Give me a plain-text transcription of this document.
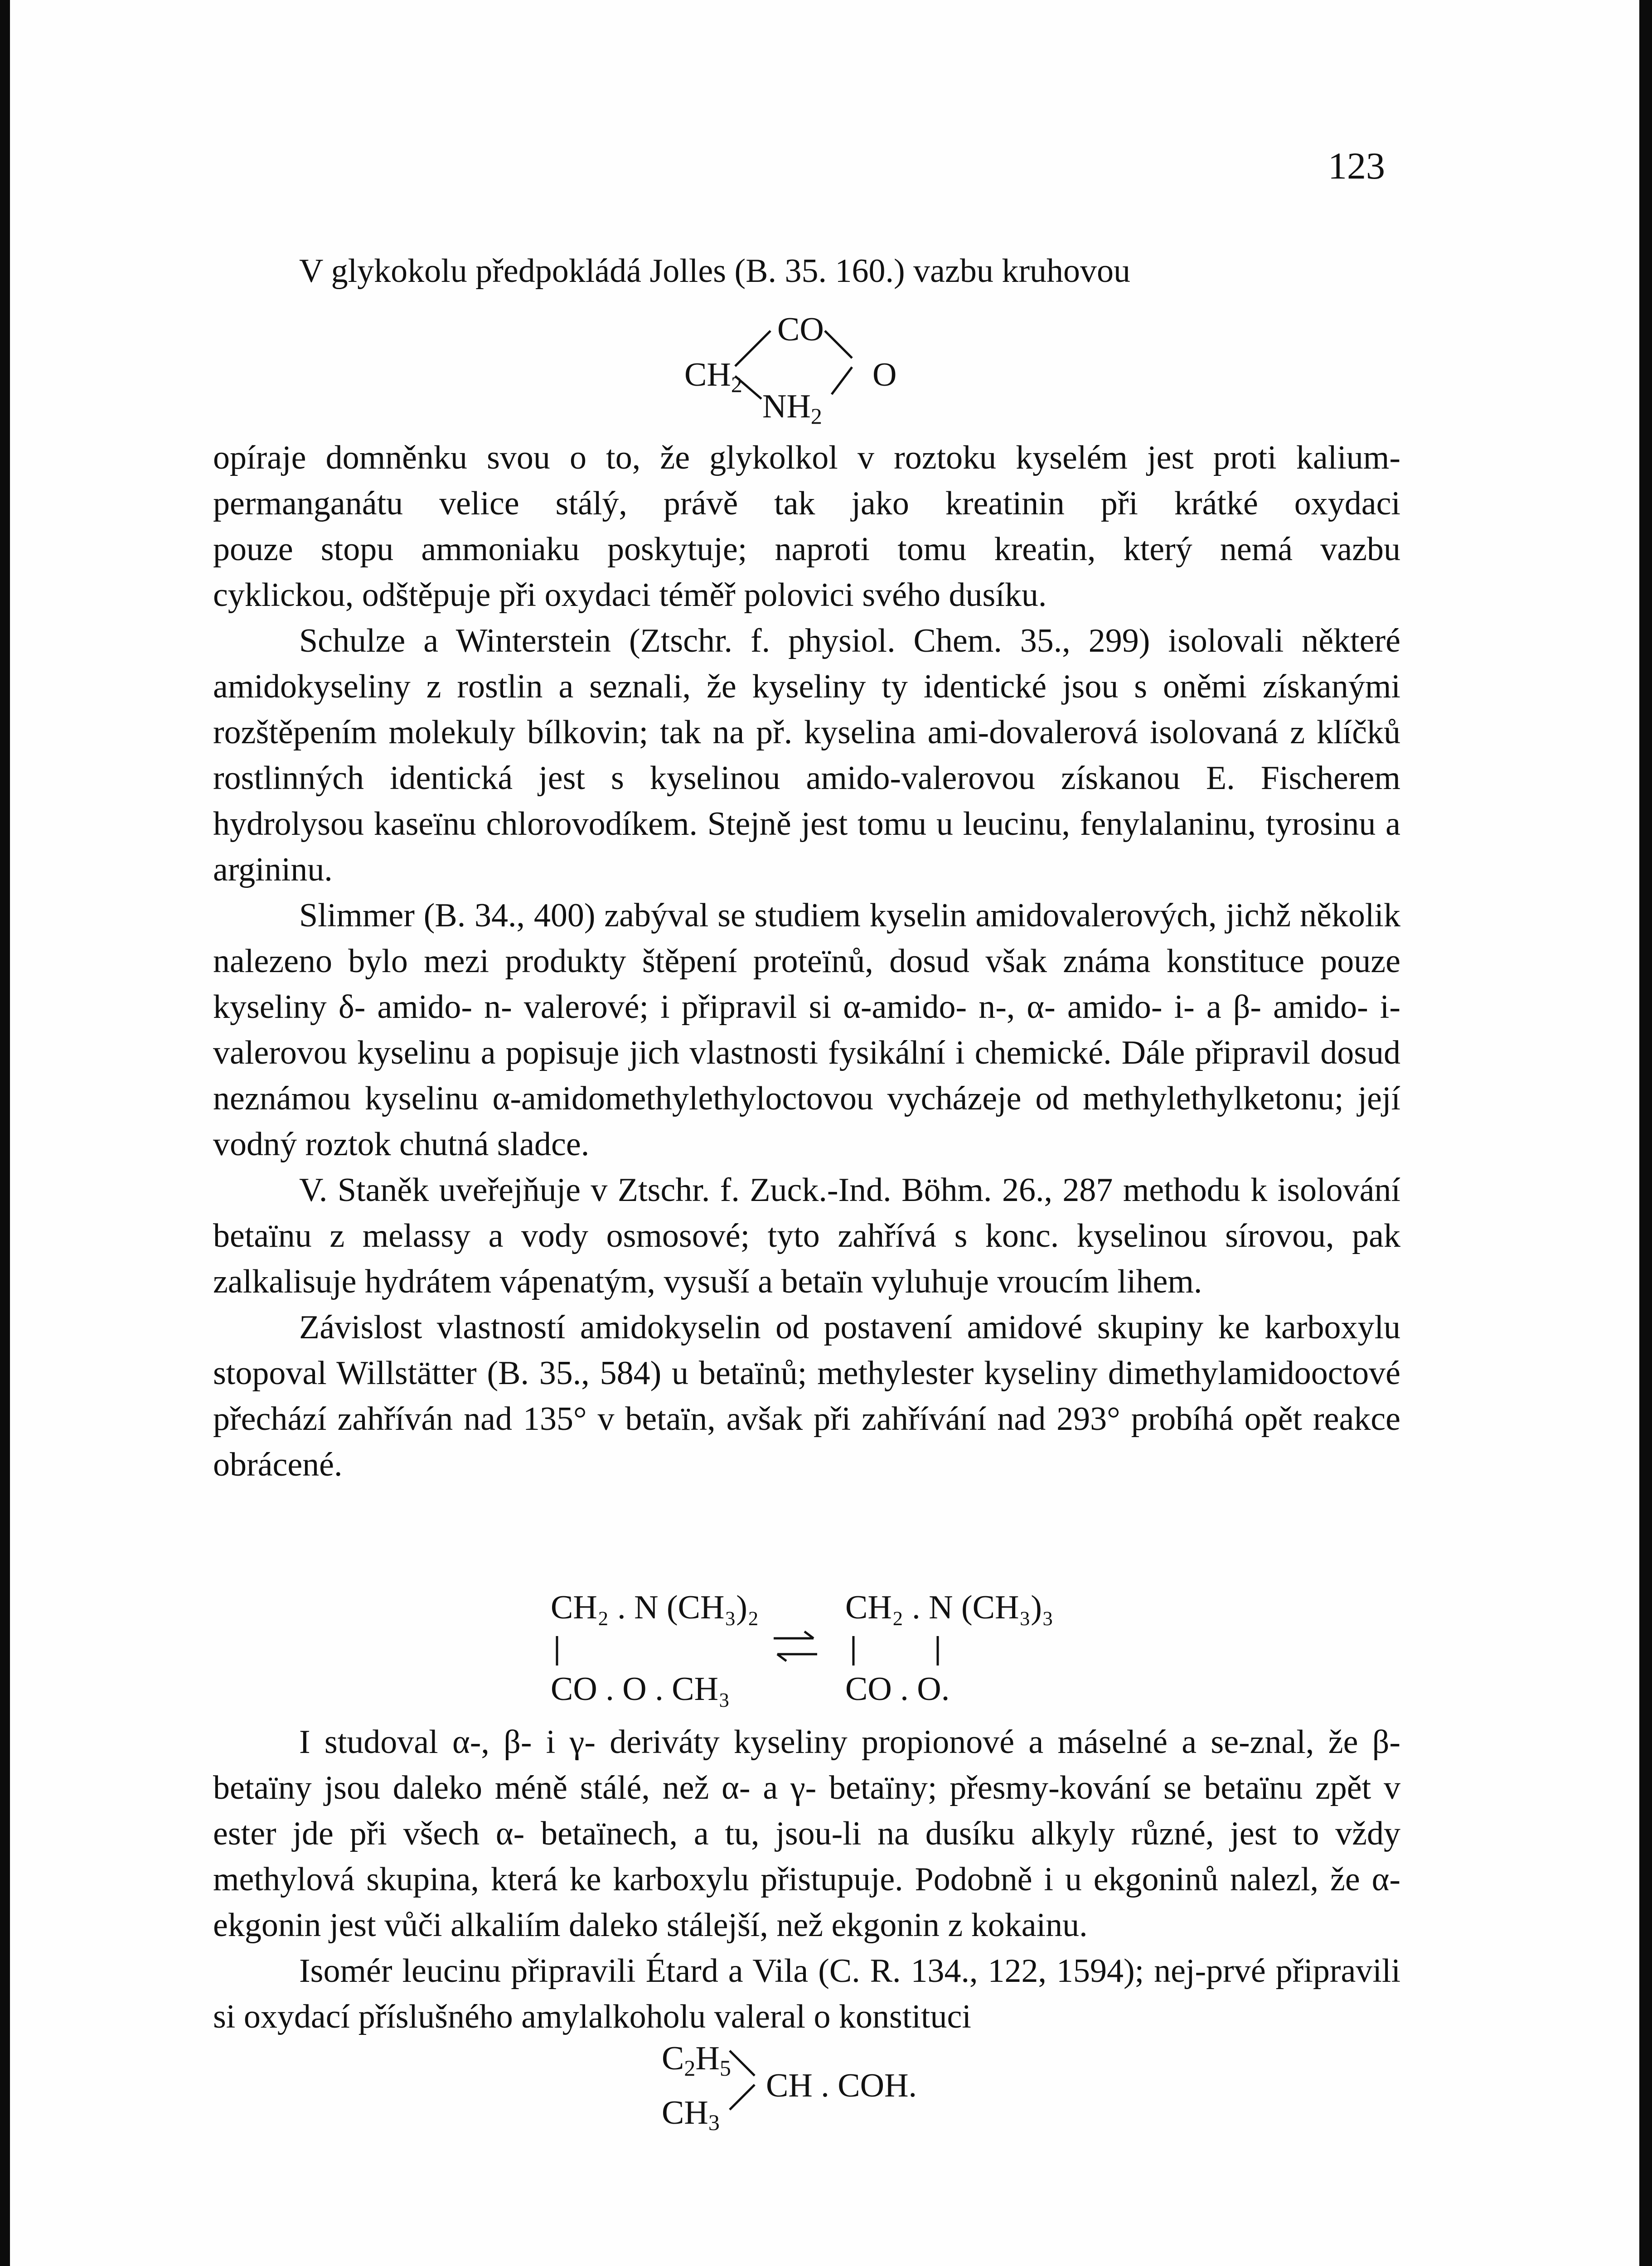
123

V glykokolu předpokládá Jolles (B. 35. 160.) vazbu kruhovou

$CH_2$
CO
O
$NH_2$

opíraje domněnku svou o to, že glykolkol v roztoku kyselém jest proti kalium-

permanganátu velice stálý, právě tak jako kreatinin při krátké oxydaci

pouze stopu ammoniaku poskytuje; naproti tomu kreatin, který nemá vazbu

cyklickou, odštěpuje při oxydaci téměř polovici svého dusíku.

Schulze a Winterstein (Ztschr. f. physiol. Chem. 35., 299) isolovali některé amidokyseliny z rostlin a seznali, že kyseliny ty identické jsou s oněmi získanými rozštěpením molekuly bílkovin; tak na př. kyselina ami-dovalerová isolovaná z klíčků rostlinných identická jest s kyselinou amido-valerovou získanou E. Fischerem hydrolysou kaseïnu chlorovodíkem. Stejně jest tomu u leucinu, fenylalaninu, tyrosinu a argininu.

Slimmer (B. 34., 400) zabýval se studiem kyselin amidovalerových, jichž několik nalezeno bylo mezi produkty štěpení proteïnů, dosud však známa konstituce pouze kyseliny δ- amido- n- valerové; i připravil si α-amido- n-, α- amido- i- a β- amido- i- valerovou kyselinu a popisuje jich vlastnosti fysikální i chemické. Dále připravil dosud neznámou kyselinu α-amidomethylethyloctovou vycházeje od methylethylketonu; její vodný roztok chutná sladce.

V. Staněk uveřejňuje v Ztschr. f. Zuck.-Ind. Böhm. 26., 287 methodu k isolování betaïnu z melassy a vody osmosové; tyto zahřívá s konc. kyselinou sírovou, pak zalkalisuje hydrátem vápenatým, vysuší a betaïn vyluhuje vroucím lihem.

Závislost vlastností amidokyselin od postavení amidové skupiny ke karboxylu stopoval Willstätter (B. 35., 584) u betaïnů; methylester kyseliny dimethylamidooctové přechází zahříván nad 135° v betaïn, avšak při zahřívání nad 293° probíhá opět reakce obrácené.

CH₂ . N (CH₃)₂
CO . O . CH₃
CH₂ . N (CH₃)₃
CO . O.

I studoval α-, β- i γ- deriváty kyseliny propionové a máselné a se-znal, že β- betaïny jsou daleko méně stálé, než α- a γ- betaïny; přesmy-kování se betaïnu zpět v ester jde při všech α- betaïnech, a tu, jsou-li na dusíku alkyly různé, jest to vždy methylová skupina, která ke karboxylu přistupuje. Podobně i u ekgoninů nalezl, že α- ekgonin jest vůči alkaliím daleko stálejší, než ekgonin z kokainu.

Isomér leucinu připravili Étard a Vila (C. R. 134., 122, 1594); nej-prvé připravili si oxydací příslušného amylalkoholu valeral o konstituci

$C_2H_5$
$CH_3$
CH . COH.
